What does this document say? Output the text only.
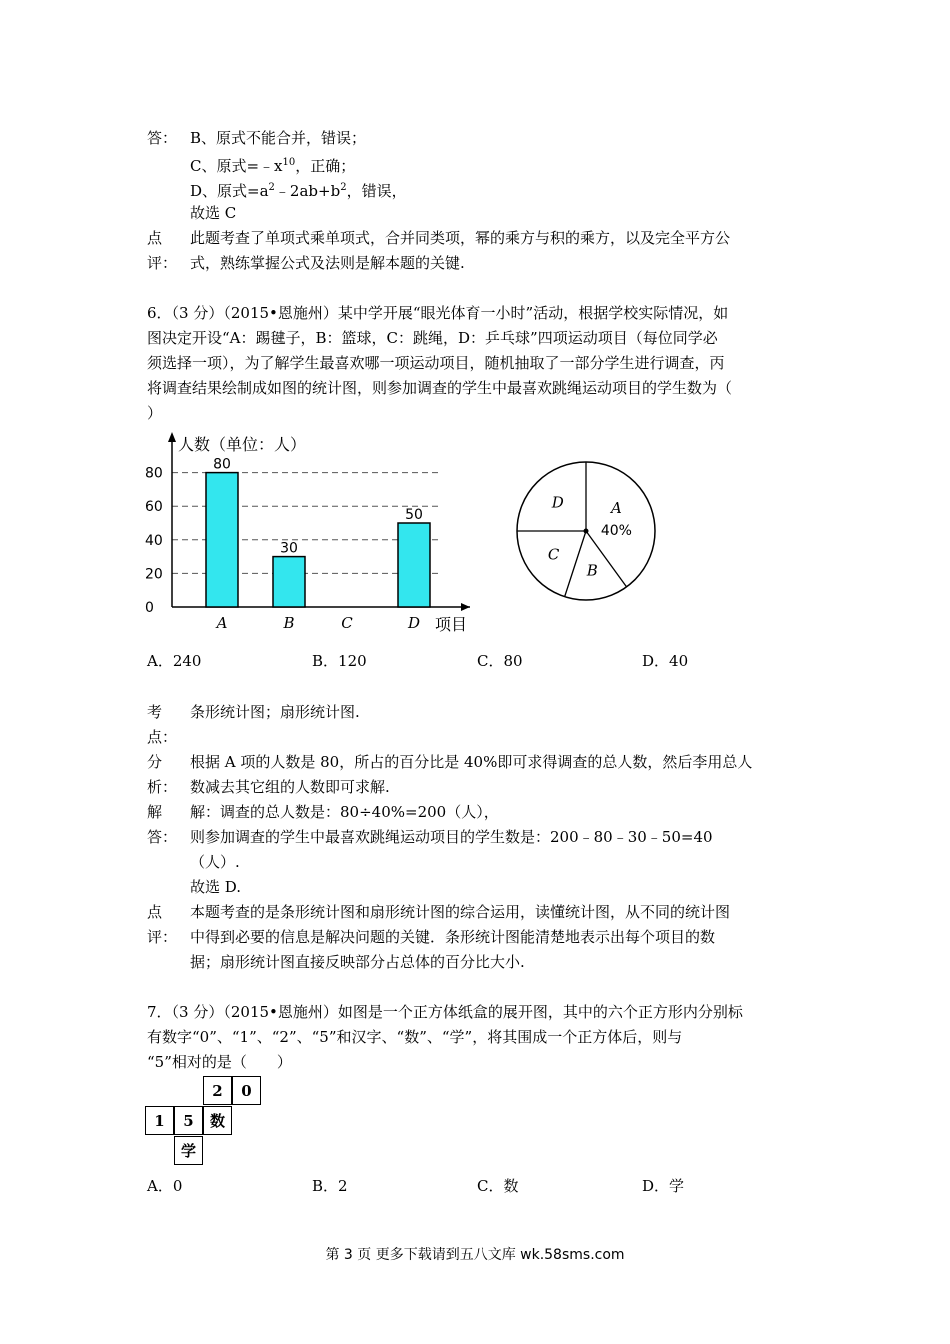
答： B、原式不能合并，错误；
C、原式$=﹣x^{10}$，正确；
D、原式$=a^2﹣2ab+b^2$，错误，
故选 C
点
评：
此题考查了单项式乘单项式，合并同类项，幂的乘方与积的乘方，以及完全平方公
式，熟练掌握公式及法则是解本题的关键.
6．（3 分）（2015•恩施州）某中学开展“眼光体育一小时”活动，根据学校实际情况，如
图决定开设“A：踢毽子，B：篮球，C：跳绳，D：乒乓球”四项运动项目（每位同学必
须选择一项），为了解学生最喜欢哪一项运动项目，随机抽取了一部分学生进行调查，丙
将调查结果绘制成如图的统计图，则参加调查的学生中最喜欢跳绳运动项目的学生数为（
）
0
20
40
60
80
人数（单位：人）
项目
80
A
30
B	C
50
D
A
40%
B
C
D
A．240	B．120	C．80	D．40
考
点：
条形统计图；扇形统计图.
分
析：
根据 A 项的人数是 80，所占的百分比是 40%即可求得调查的总人数，然后李用总人
数减去其它组的人数即可求解.
解
答：
解：调查的总人数是：80÷40%=200（人），
则参加调查的学生中最喜欢跳绳运动项目的学生数是：200﹣80﹣30﹣50=40
（人）.
故选 D.
点
评：
本题考查的是条形统计图和扇形统计图的综合运用，读懂统计图，从不同的统计图
中得到必要的信息是解决问题的关键．条形统计图能清楚地表示出每个项目的数
据；扇形统计图直接反映部分占总体的百分比大小.
7．（3 分）（2015•恩施州）如图是一个正方体纸盒的展开图，其中的六个正方形内分别标
有数字“0”、“1”、“2”、“5”和汉字、“数”、“学”，将其围成一个正方体后，则与
“5”相对的是（　　）
2	0
1	5	数
学
A．0	B．2	C．数	D．学
第 3 页 更多下载请到五八文库 wk.58sms.com
